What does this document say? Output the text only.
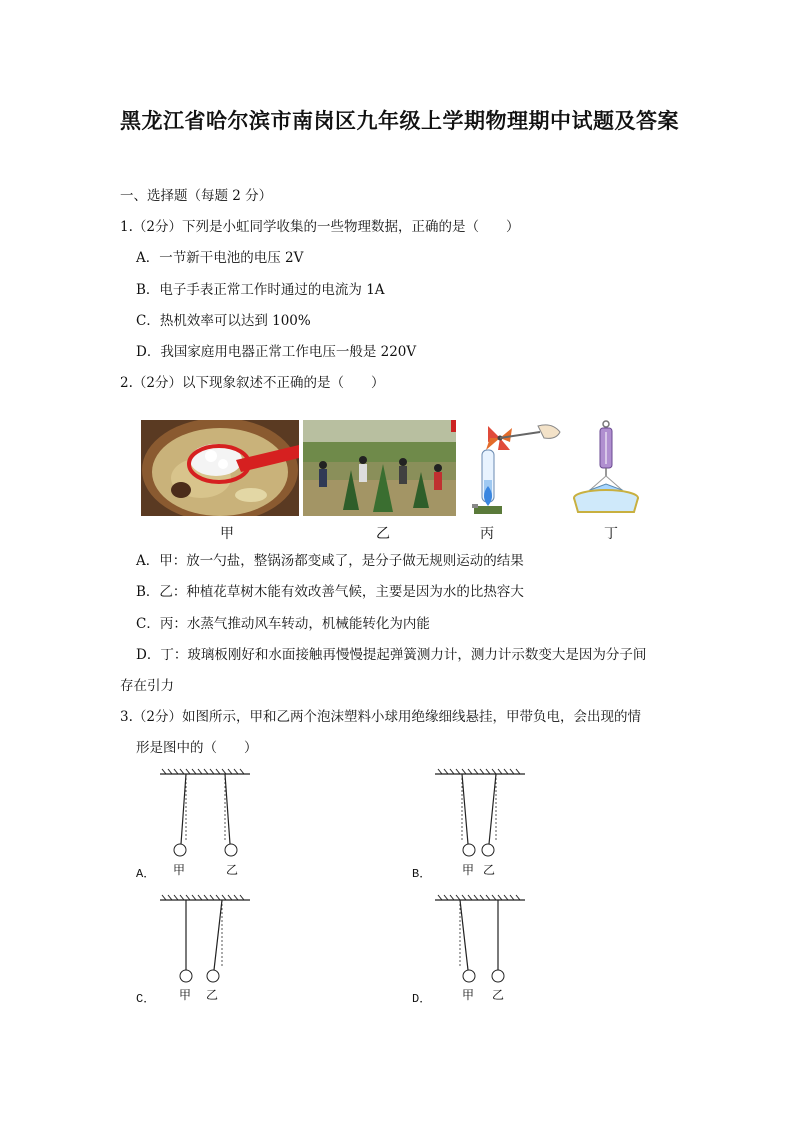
黑龙江省哈尔滨市南岗区九年级上学期物理期中试题及答案
一、选择题（每题 2 分）
1.（2分）下列是小虹同学收集的一些物理数据，正确的是（　　）
A．一节新干电池的电压 2V
B．电子手表正常工作时通过的电流为 1A
C．热机效率可以达到 100%
D．我国家庭用电器正常工作电压一般是 220V
2.（2分）以下现象叙述不正确的是（　　）
甲	乙	丙	丁
A．甲：放一勺盐，整锅汤都变咸了，是分子做无规则运动的结果
B．乙：种植花草树木能有效改善气候，主要是因为水的比热容大
C．丙：水蒸气推动风车转动，机械能转化为内能
D．丁：玻璃板刚好和水面接触再慢慢提起弹簧测力计，测力计示数变大是因为分子间
存在引力
3.（2分）如图所示，甲和乙两个泡沫塑料小球用绝缘细线悬挂，甲带负电，会出现的情
形是图中的（　　）
A． 甲	乙	B．	甲 乙
C． 甲 乙	D．	甲 乙
